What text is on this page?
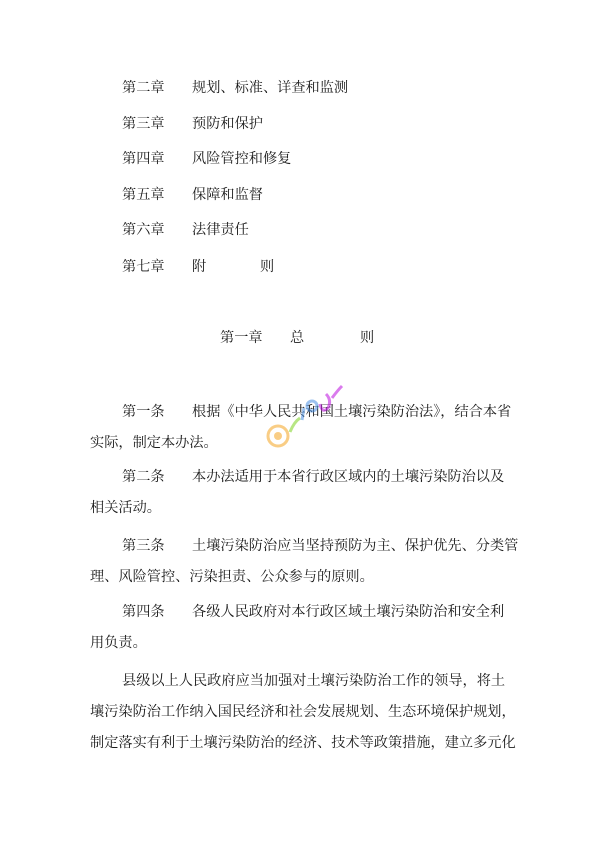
第二章 规划、标准、详查和监测
第三章 预防和保护
第四章 风险管控和修复
第五章 保障和监督
第六章 法律责任
第七章 附	则
第一章 总	则
第一条 根据《中华人民共和国土壤污染防治法》，结合本省
实际，制定本办法。
第二条 本办法适用于本省行政区域内的土壤污染防治以及
相关活动。
第三条 土壤污染防治应当坚持预防为主、保护优先、分类管
理、风险管控、污染担责、公众参与的原则。
第四条 各级人民政府对本行政区域土壤污染防治和安全利
用负责。
县级以上人民政府应当加强对土壤污染防治工作的领导，将土
壤污染防治工作纳入国民经济和社会发展规划、生态环境保护规划，
制定落实有利于土壤污染防治的经济、技术等政策措施，建立多元化
